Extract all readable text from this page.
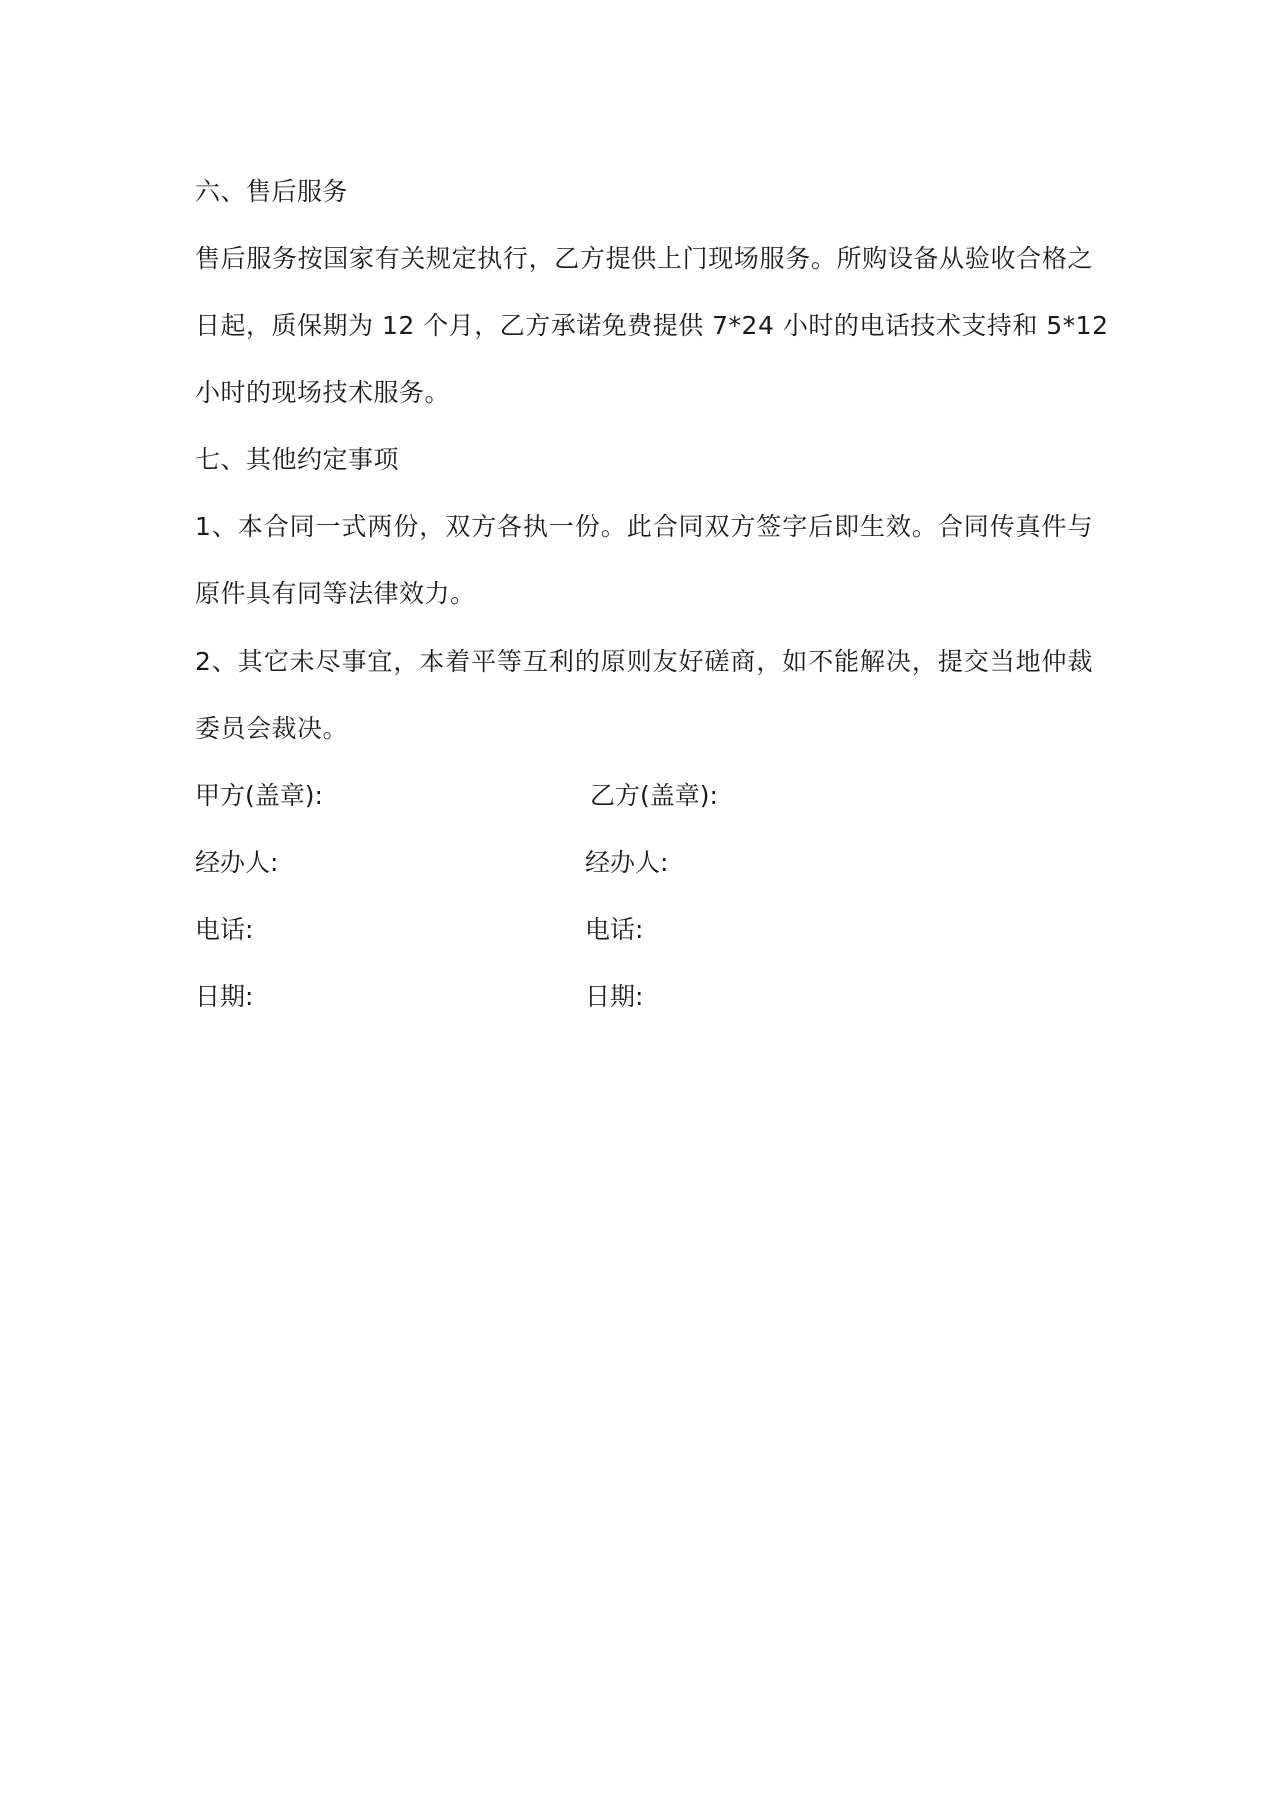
六、售后服务
售后服务按国家有关规定执行，乙方提供上门现场服务。所购设备从验收合格之
日起，质保期为 12 个月，乙方承诺免费提供 7*24 小时的电话技术支持和 5*12
小时的现场技术服务。
七、其他约定事项
1、本合同一式两份，双方各执一份。此合同双方签字后即生效。合同传真件与
原件具有同等法律效力。
2、其它未尽事宜，本着平等互利的原则友好磋商，如不能解决，提交当地仲裁
委员会裁决。
甲方(盖章):	乙方(盖章):
经办人:	经办人:
电话:	电话:
日期:	日期:
